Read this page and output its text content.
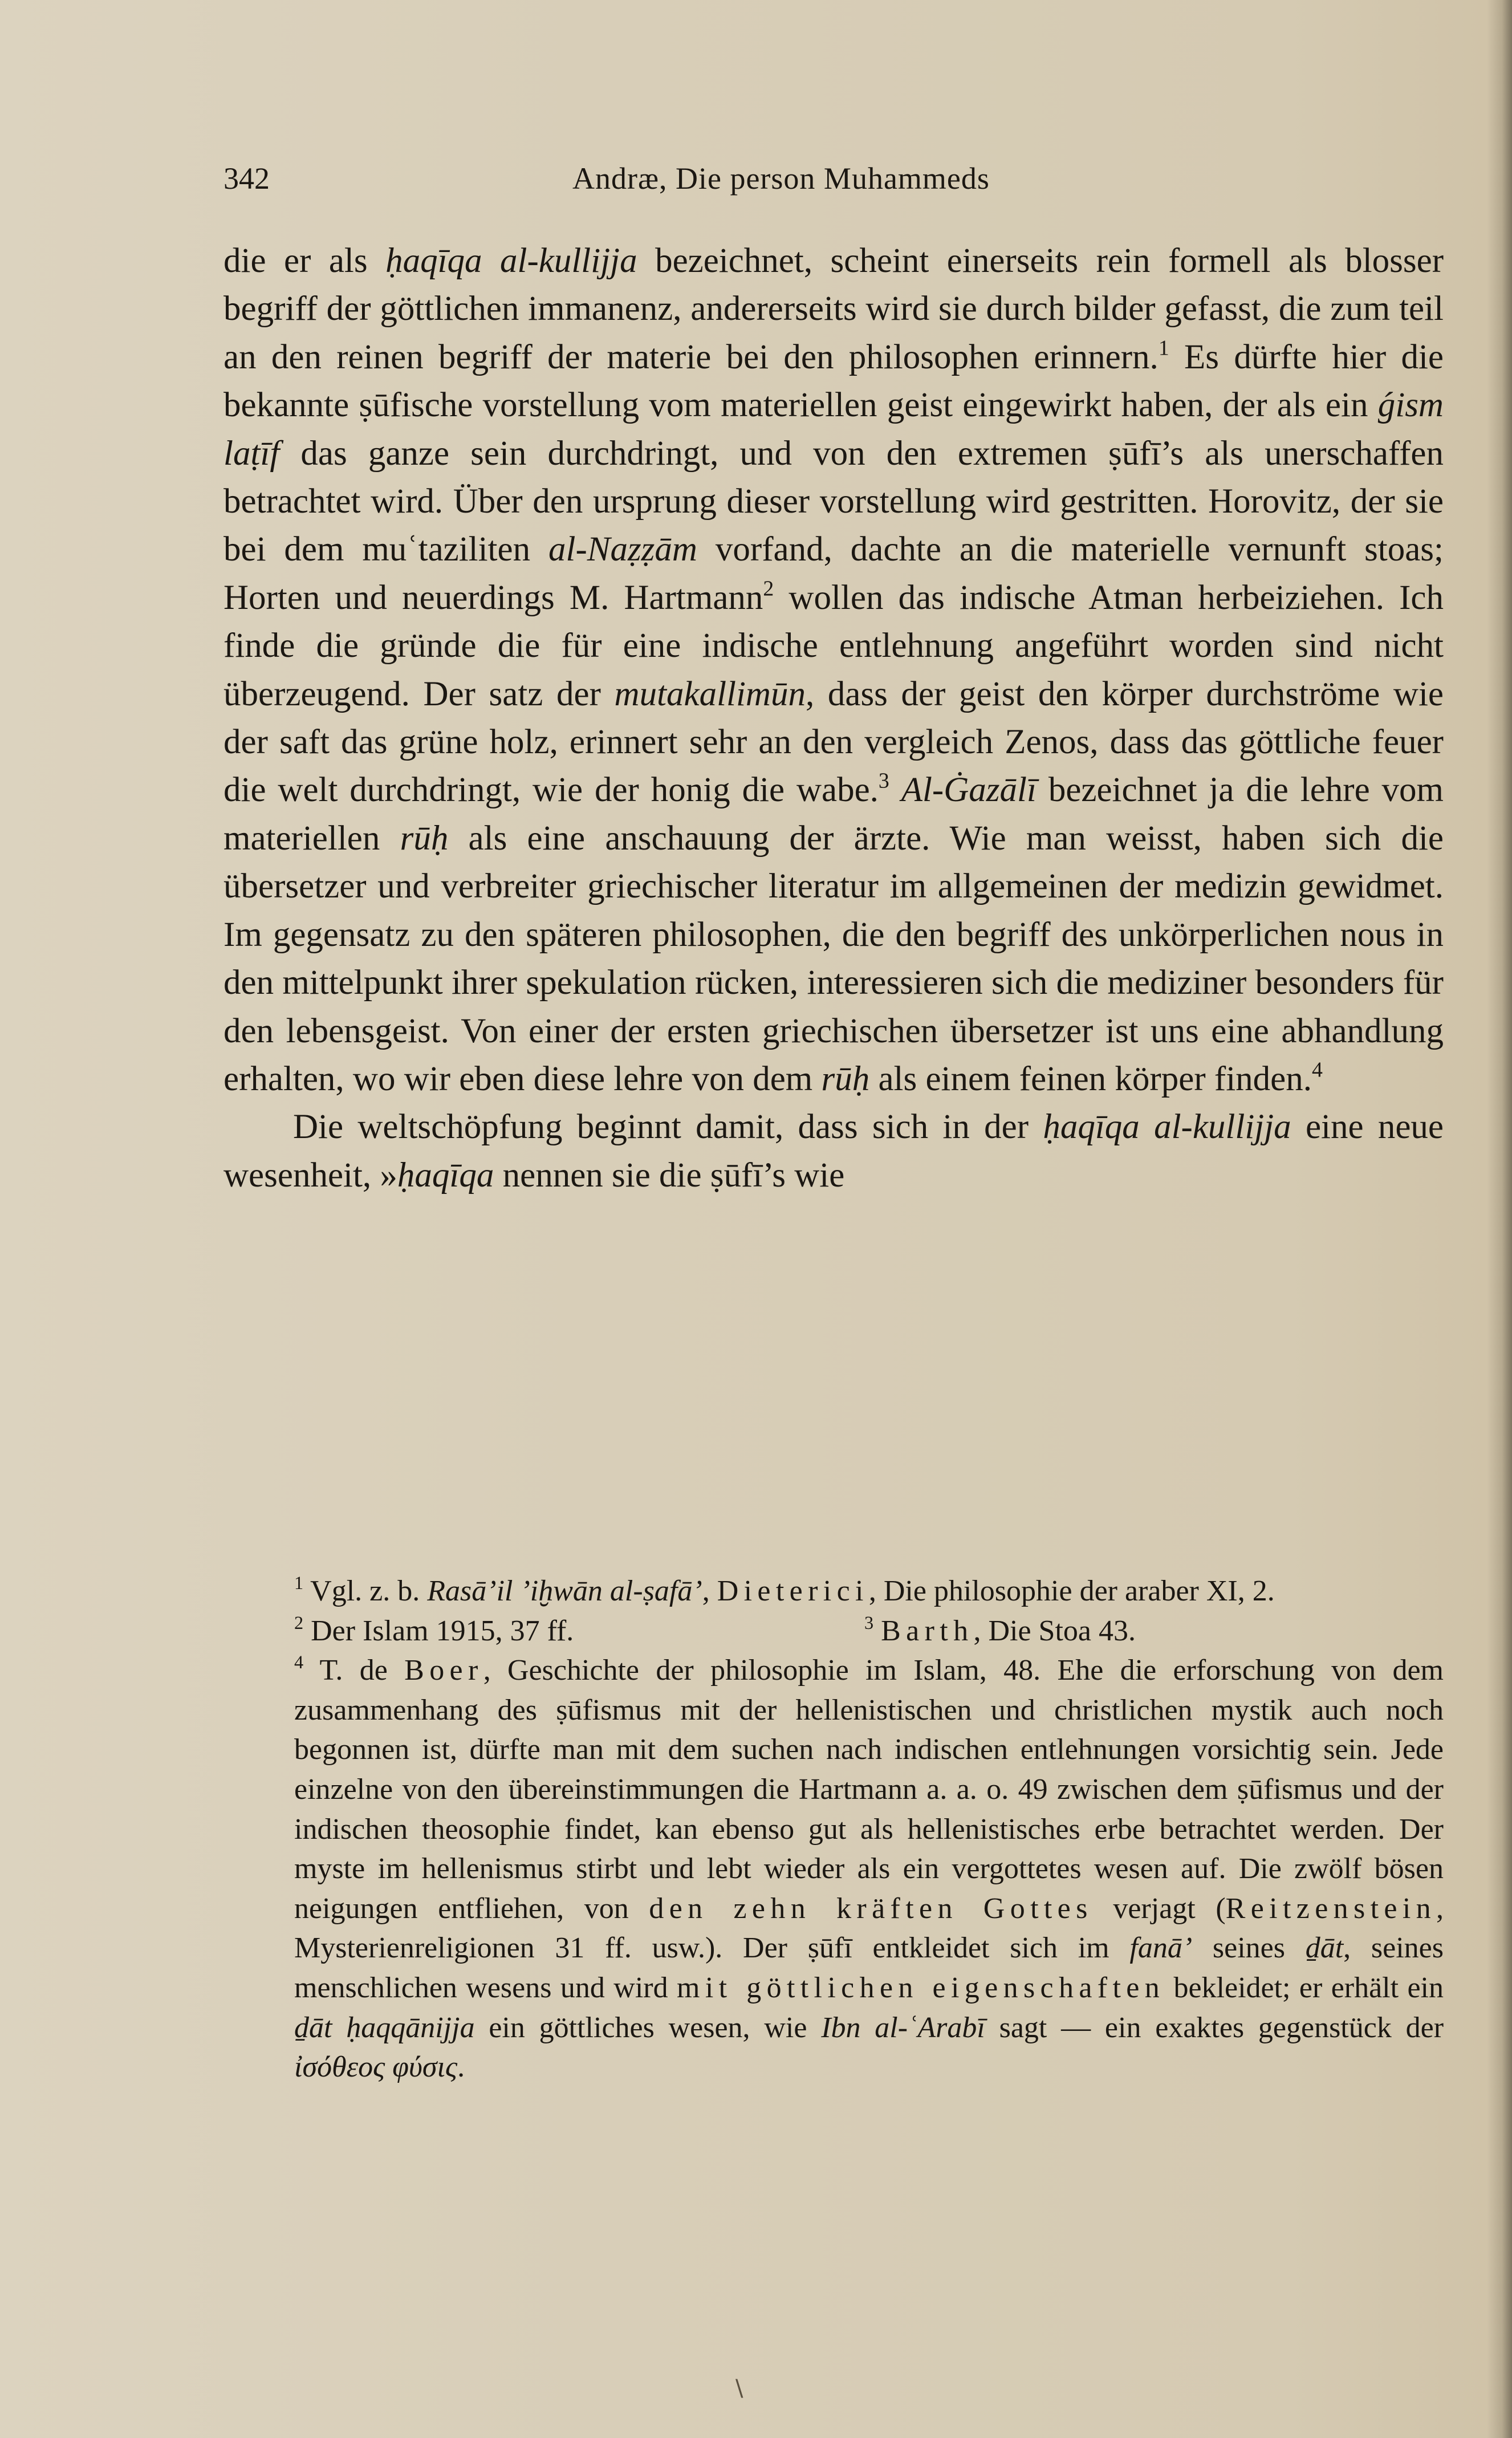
342	Andræ, Die person Muhammeds

die er als ḥaqīqa al-kullijja bezeichnet, scheint einerseits rein formell als blosser begriff der göttlichen immanenz, andererseits wird sie durch bilder gefasst, die zum teil an den reinen begriff der materie bei den philosophen erinnern.$^1$ Es dürfte hier die bekannte ṣūfische vorstellung vom materiellen geist eingewirkt haben, der als ein ǵism laṭīf das ganze sein durchdringt, und von den extremen ṣūfī’s als unerschaffen betrachtet wird. Über den ursprung dieser vorstellung wird gestritten. Horovitz, der sie bei dem muʿtaziliten al-Naẓẓām vorfand, dachte an die materielle vernunft stoas; Horten und neuerdings M. Hartmann$^2$ wollen das indische Atman herbeiziehen. Ich finde die gründe die für eine indische entlehnung angeführt worden sind nicht überzeugend. Der satz der mutakallimūn, dass der geist den körper durchströme wie der saft das grüne holz, erinnert sehr an den vergleich Zenos, dass das göttliche feuer die welt durchdringt, wie der honig die wabe.$^3$ Al-Ġazālī bezeichnet ja die lehre vom materiellen rūḥ als eine anschauung der ärzte. Wie man weisst, haben sich die übersetzer und verbreiter griechischer literatur im allgemeinen der medizin gewidmet. Im gegensatz zu den späteren philosophen, die den begriff des unkörperlichen nous in den mittelpunkt ihrer spekulation rücken, interessieren sich die mediziner besonders für den lebensgeist. Von einer der ersten griechischen übersetzer ist uns eine abhandlung erhalten, wo wir eben diese lehre von dem rūḥ als einem feinen körper finden.$^4$

Die weltschöpfung beginnt damit, dass sich in der ḥaqīqa al-kullijja eine neue wesenheit, »ḥaqīqa nennen sie die ṣūfī’s wie

$^1$ Vgl. z. b. Rasā’il ’iḫwān al-ṣafā’, Dieterici, Die philosophie der araber XI, 2.

$^2$ Der Islam 1915, 37 ff.	$^3$ Barth, Die Stoa 43.

$^4$ T. de Boer, Geschichte der philosophie im Islam, 48. Ehe die erforschung von dem zusammenhang des ṣūfismus mit der hellenistischen und christlichen mystik auch noch begonnen ist, dürfte man mit dem suchen nach indischen entlehnungen vorsichtig sein. Jede einzelne von den übereinstimmungen die Hartmann a. a. o. 49 zwischen dem ṣūfismus und der indischen theosophie findet, kan ebenso gut als hellenistisches erbe betrachtet werden. Der myste im hellenismus stirbt und lebt wieder als ein vergottetes wesen auf. Die zwölf bösen neigungen entfliehen, von den zehn kräften Gottes verjagt (Reitzenstein, Mysterienreligionen 31 ff. usw.). Der ṣūfī entkleidet sich im fanā’ seines ḏāt, seines menschlichen wesens und wird mit göttlichen eigenschaften bekleidet; er erhält ein ḏāt ḥaqqānijja ein göttliches wesen, wie Ibn al-ʿArabī sagt — ein exaktes gegenstück der ἰσόθεος φύσις.

\
